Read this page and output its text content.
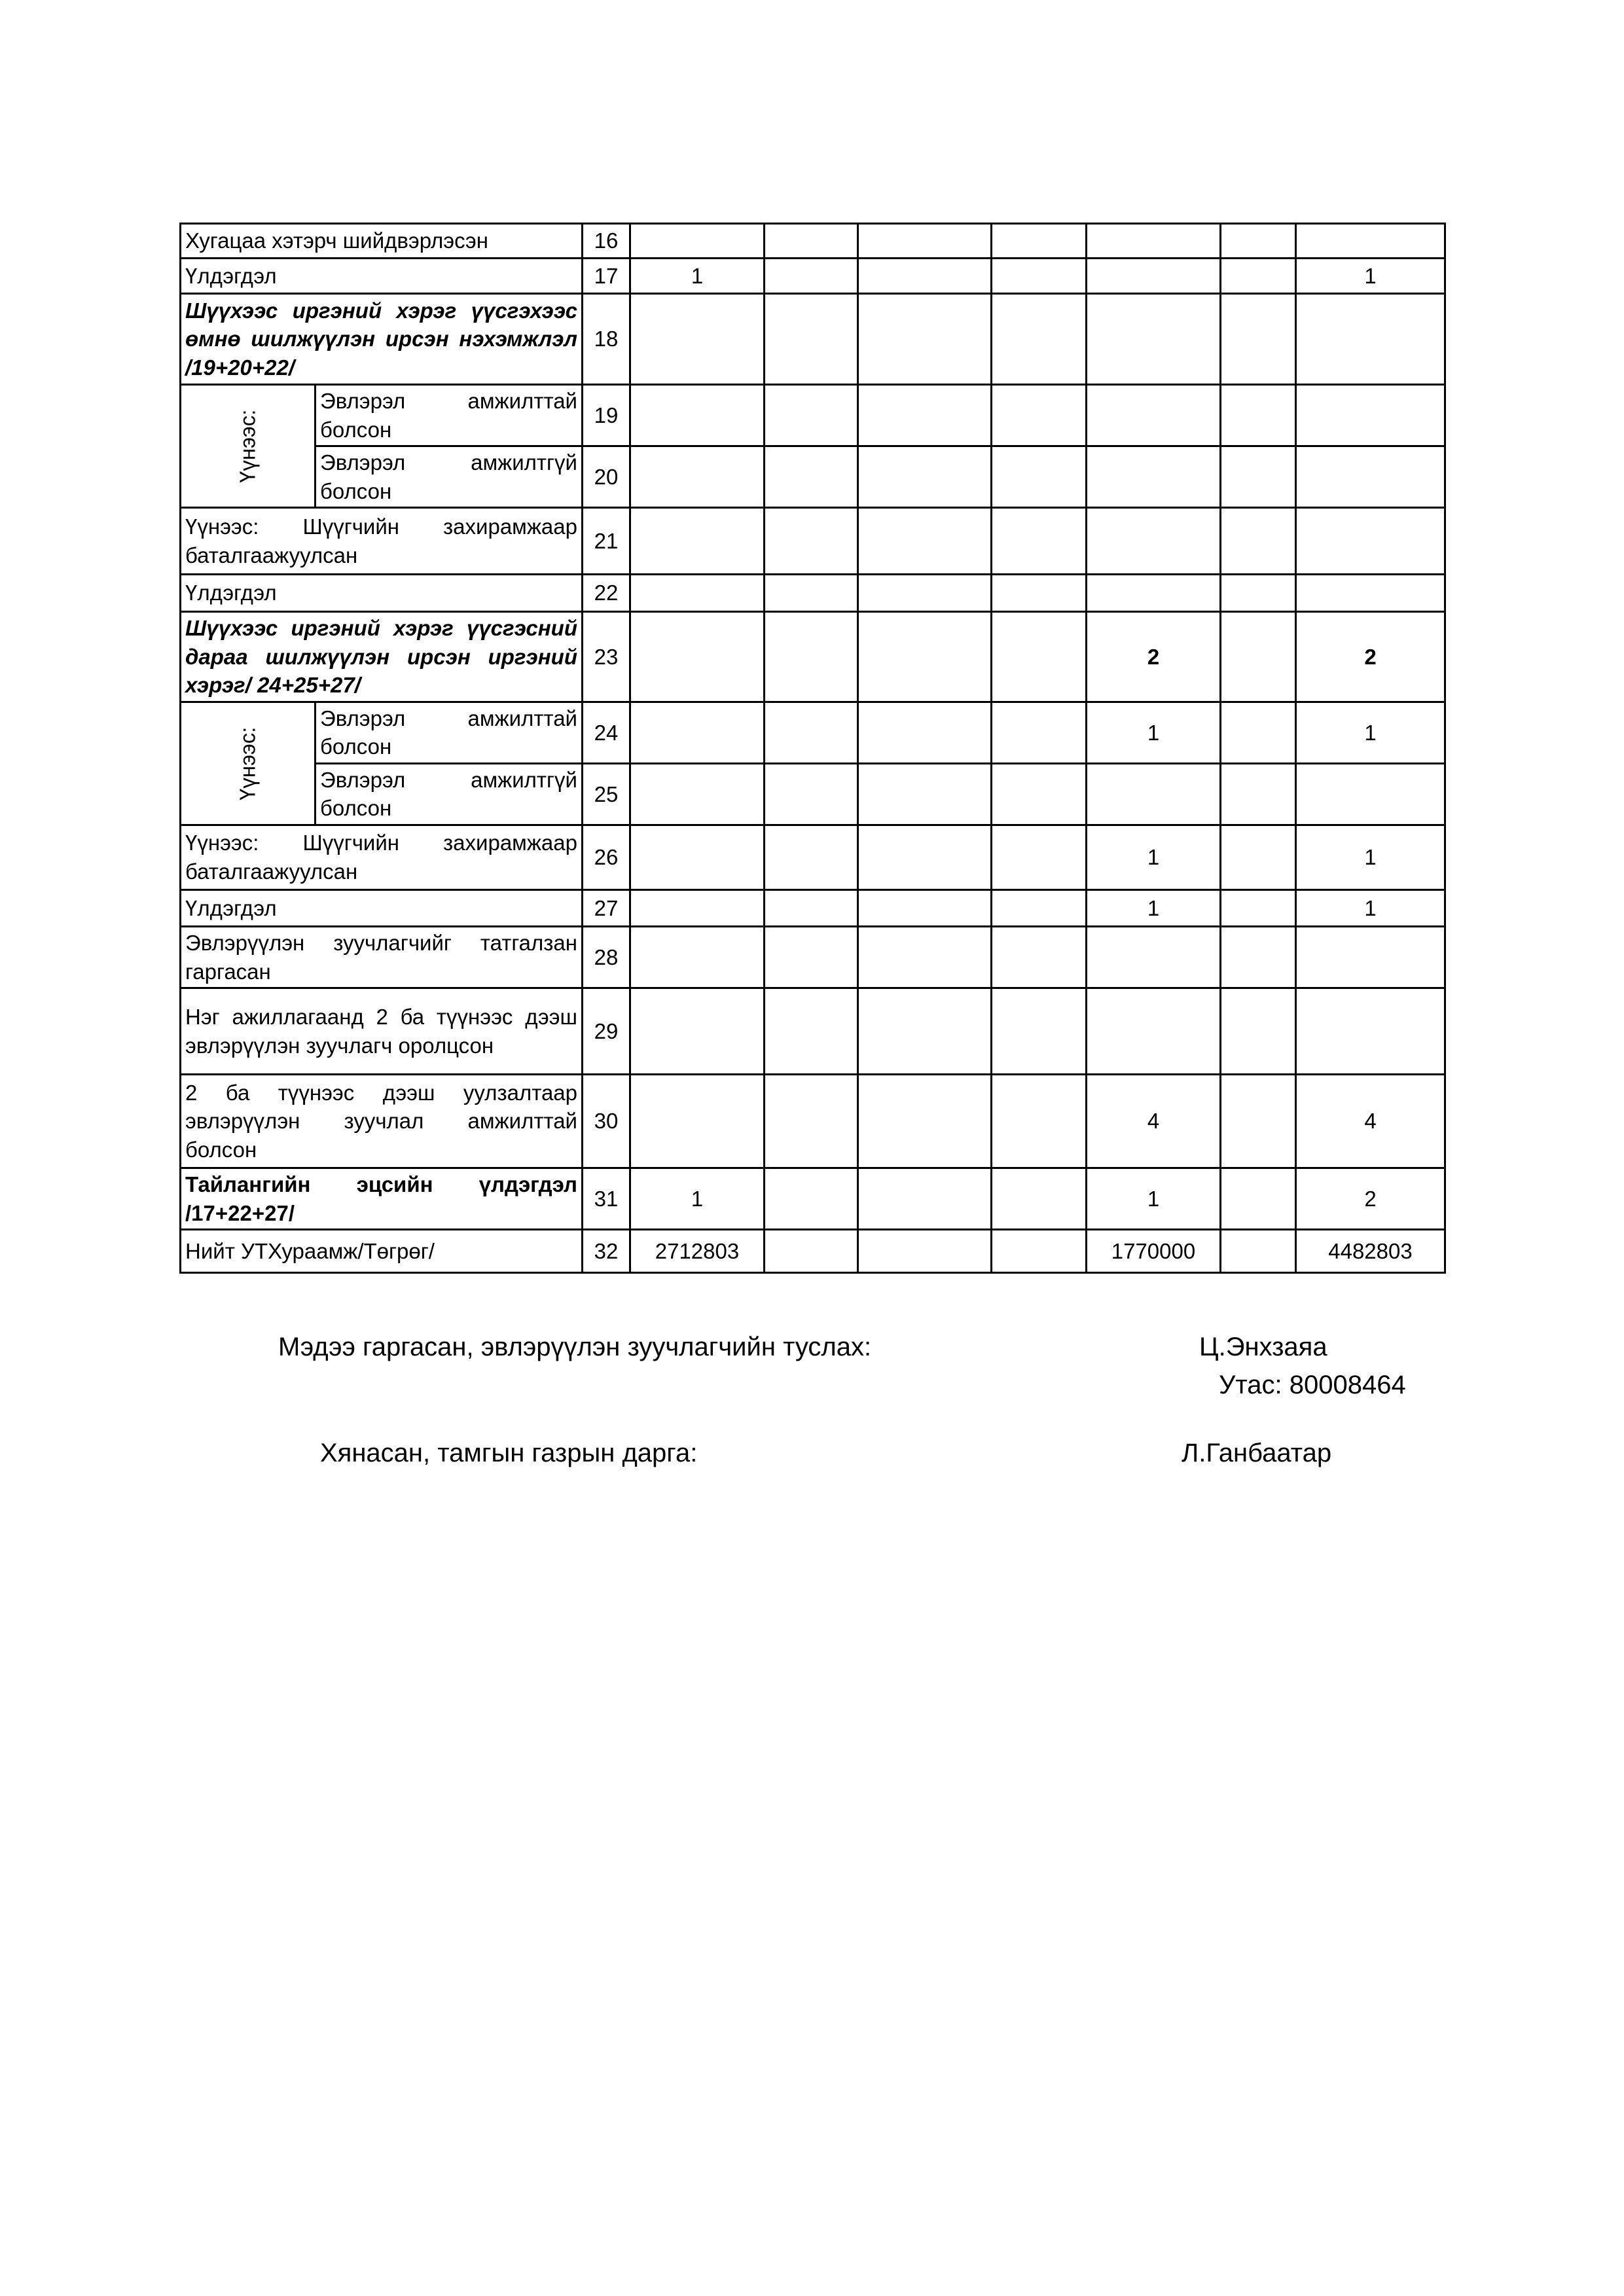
Хугацаа хэтэрч шийдвэрлэсэн		16							
Үлдэгдэл		17	1						1
Шүүхээс иргэний хэрэг үүсгэхээс өмнө шилжүүлэн ирсэн нэхэмжлэл /19+20+22/		18							
Үүнээс:	Эвлэрэл амжилттай болсон	19							
	Эвлэрэл амжилтгүй болсон	20							
Үүнээс: Шүүгчийн захирамжаар баталгаажуулсан		21							
Үлдэгдэл		22							
Шүүхээс иргэний хэрэг үүсгэсний дараа шилжүүлэн ирсэн иргэний хэрэг/ 24+25+27/		23					2		2
Үүнээс:	Эвлэрэл амжилттай болсон	24					1		1
	Эвлэрэл амжилтгүй болсон	25							
Үүнээс: Шүүгчийн захирамжаар баталгаажуулсан		26					1		1
Үлдэгдэл		27					1		1
Эвлэрүүлэн зуучлагчийг татгалзан гаргасан		28							
Нэг ажиллагаанд 2 ба түүнээс дээш эвлэрүүлэн зуучлагч оролцсон		29							
2 ба түүнээс дээш уулзалтаар эвлэрүүлэн зуучлал амжилттай болсон		30					4		4
Тайлангийн эцсийн үлдэгдэл /17+22+27/		31	1				1		2
Нийт УТХураамж/Төгрөг/		32	2712803				1770000		4482803
Мэдээ гаргасан, эвлэрүүлэн зуучлагчийн туслах:	Ц.Энхзаяа
Утас: 80008464
Хянасан, тамгын газрын дарга:	Л.Ганбаатар
